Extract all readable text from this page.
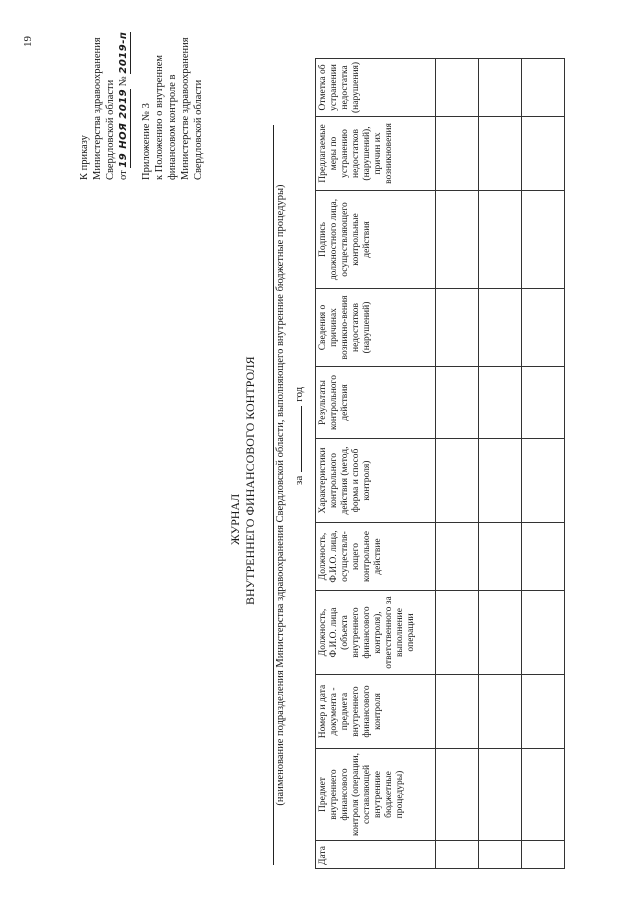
19
К приказу Министерства здравоохранения Свердловской области от 19 НОЯ 2019 № 2019-п
Приложение № 3 к Положению о внутреннем финансовом контроле в Министерстве здравоохранения Свердловской области
ЖУРНАЛ ВНУТРЕННЕГО ФИНАНСОВОГО КОНТРОЛЯ (наименование подразделения Министерства здравоохранения Свердловской области, выполняющего внутренние бюджетные процедуры) загод
Дата	Предмет внутреннего финансового контроля (операции, составляющей внутренние бюджетные процедуры)	Номер и дата документа - предмета внутреннего финансового контроля	Должность, Ф.И.О. лица (объекта внутреннего финансового контроля), ответственного за выполнение операции	Должность, Ф.И.О. лица, осуществля-ющего контрольное действие	Характеристики контрольного действия (метод, форма и способ контроля)	Результаты контрольного действия	Сведения о причинах возникно-вения недостатков (нарушений)	Подпись должностного лица, осуществляющего контрольные действия	Предлагаемые меры по устранению недостатков (нарушений), причин их возникновения	Отметка об устранении недостатка (нарушения)
